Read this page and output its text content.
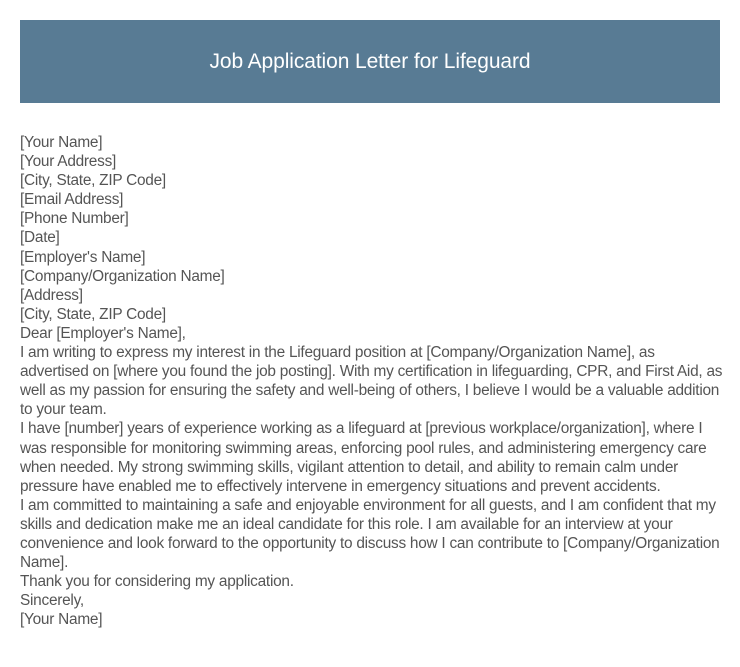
Job Application Letter for Lifeguard

[Your Name]

[Your Address]

[City, State, ZIP Code]

[Email Address]

[Phone Number]

[Date]

[Employer's Name]

[Company/Organization Name]

[Address]

[City, State, ZIP Code]

Dear [Employer's Name],

I am writing to express my interest in the Lifeguard position at [Company/Organization Name], as advertised on [where you found the job posting]. With my certification in lifeguarding, CPR, and First Aid, as well as my passion for ensuring the safety and well-being of others, I believe I would be a valuable addition to your team.

I have [number] years of experience working as a lifeguard at [previous workplace/organization], where I was responsible for monitoring swimming areas, enforcing pool rules, and administering emergency care when needed. My strong swimming skills, vigilant attention to detail, and ability to remain calm under pressure have enabled me to effectively intervene in emergency situations and prevent accidents.

I am committed to maintaining a safe and enjoyable environment for all guests, and I am confident that my skills and dedication make me an ideal candidate for this role. I am available for an interview at your convenience and look forward to the opportunity to discuss how I can contribute to [Company/Organization Name].

Thank you for considering my application.

Sincerely,

[Your Name]
